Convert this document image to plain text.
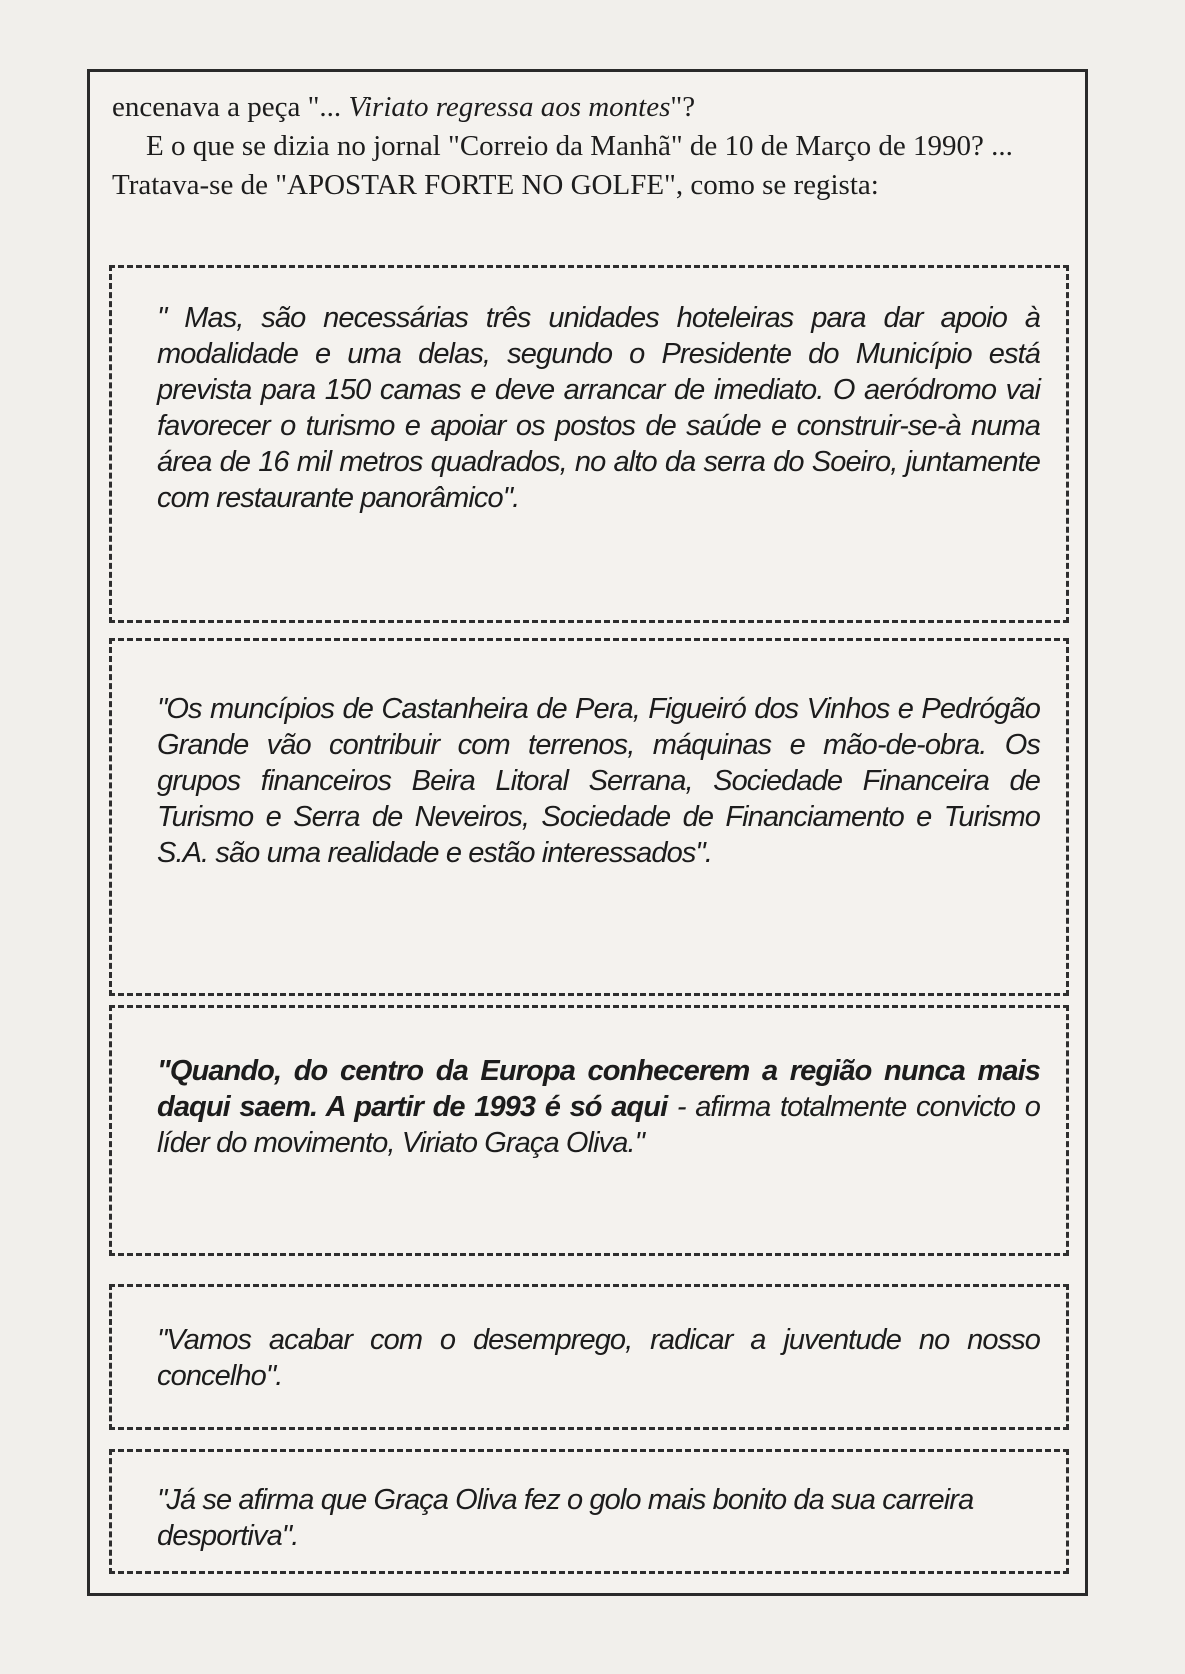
encenava a peça "... Viriato regressa aos montes"?

E o que se dizia no jornal "Correio da Manhã" de 10 de Março de 1990? ... Tratava-se de "APOSTAR FORTE NO GOLFE", como se regista:

" Mas, são necessárias três unidades hoteleiras para dar apoio à modalidade e uma delas, segundo o Presidente do Município está prevista para 150 camas e deve arrancar de imediato. O aeródromo vai favorecer o turismo e apoiar os postos de saúde e construir-se-à numa área de 16 mil metros quadrados, no alto da serra do Soeiro, juntamente com restaurante panorâmico".

"Os muncípios de Castanheira de Pera, Figueiró dos Vinhos e Pedrógão Grande vão contribuir com terrenos, máquinas e mão-de-obra. Os grupos financeiros Beira Litoral Serrana, Sociedade Financeira de Turismo e Serra de Neveiros, Sociedade de Financiamento e Turismo S.A. são uma realidade e estão interessados".

"Quando, do centro da Europa conhecerem a região nunca mais daqui saem. A partir de 1993 é só aqui - afirma totalmente convicto o líder do movimento, Viriato Graça Oliva."

"Vamos acabar com o desemprego, radicar a juventude no nosso concelho".

"Já se afirma que Graça Oliva fez o golo mais bonito da sua carreira desportiva".
